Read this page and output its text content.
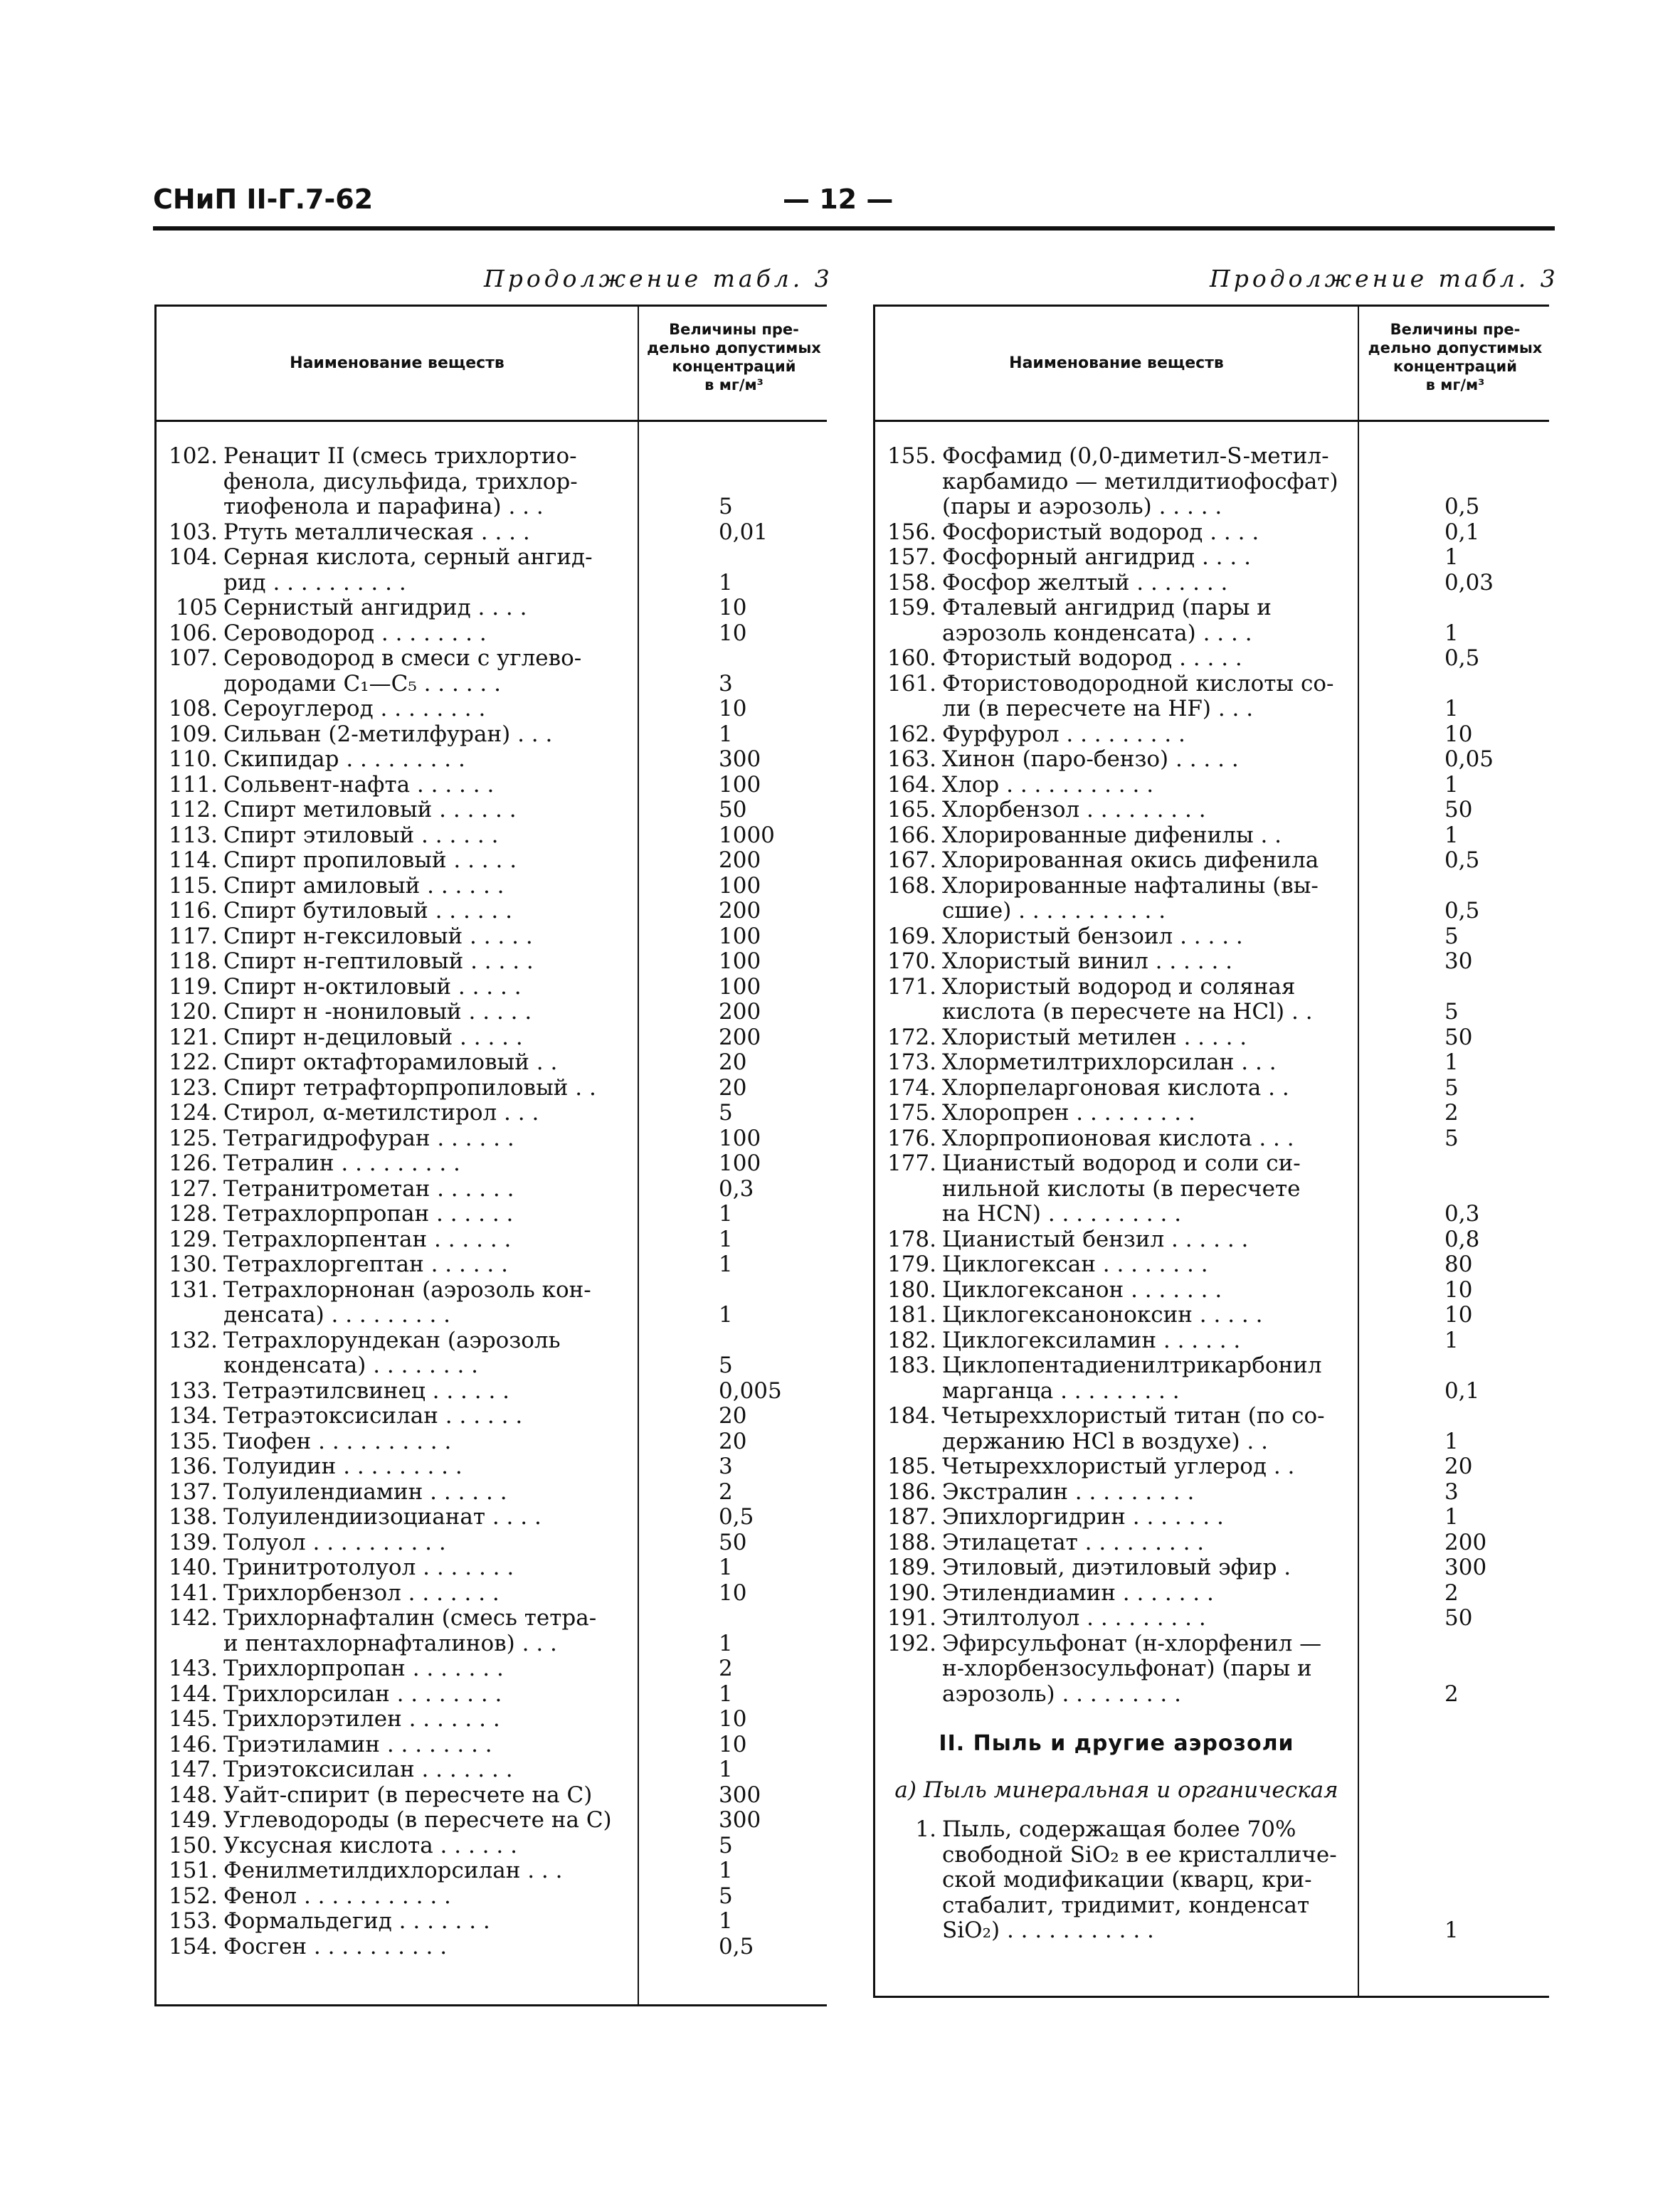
СНиП II-Г.7-62	— 12 —
Продолжение табл. 3	Продолжение табл. 3
Наименование веществ
Величины пре-
дельно допустимых
концентраций
в мг/м³
102. Ренацит II (смесь трихлортио-
фенола, дисульфида, трихлор-
тиофенола и парафина) . . .	5
103. Ртуть металлическая . . . .	0,01
104. Серная кислота, серный ангид-
рид . . . . . . . . . .	1
105 Сернистый ангидрид . . . .	10
106. Сероводород . . . . . . . .	10
107. Сероводород в смеси с углево-
дородами C₁—C₅ . . . . . .	3
108. Сероуглерод . . . . . . . .	10
109. Сильван (2-метилфуран) . . .	1
110. Скипидар . . . . . . . . .	300
111. Сольвент-нафта . . . . . .	100
112. Спирт метиловый . . . . . .	50
113. Спирт этиловый . . . . . .	1000
114. Спирт пропиловый . . . . .	200
115. Спирт амиловый . . . . . .	100
116. Спирт бутиловый . . . . . .	200
117. Спирт н-гексиловый . . . . .	100
118. Спирт н-гептиловый . . . . .	100
119. Спирт н-октиловый . . . . .	100
120. Спирт н -нониловый . . . . .	200
121. Спирт н-дециловый . . . . .	200
122. Спирт октафторамиловый . .	20
123. Спирт тетрафторпропиловый . .	20
124. Стирол, α-метилстирол . . .	5
125. Тетрагидрофуран . . . . . .	100
126. Тетралин . . . . . . . . .	100
127. Тетранитрометан . . . . . .	0,3
128. Тетрахлорпропан . . . . . .	1
129. Тетрахлорпентан . . . . . .	1
130. Тетрахлоргептан . . . . . .	1
131. Тетрахлорнонан (аэрозоль кон-
денсата) . . . . . . . . .	1
132. Тетрахлорундекан (аэрозоль
конденсата) . . . . . . . .	5
133. Тетраэтилсвинец . . . . . .	0,005
134. Тетраэтоксисилан . . . . . .	20
135. Тиофен . . . . . . . . . .	20
136. Толуидин . . . . . . . . .	3
137. Толуилендиамин . . . . . .	2
138. Толуилендиизоцианат . . . .	0,5
139. Толуол . . . . . . . . . .	50
140. Тринитротолуол . . . . . . .	1
141. Трихлорбензол . . . . . . .	10
142. Трихлорнафталин (смесь тетра-
и пентахлорнафталинов) . . .	1
143. Трихлорпропан . . . . . . .	2
144. Трихлорсилан . . . . . . . .	1
145. Трихлорэтилен . . . . . . .	10
146. Триэтиламин . . . . . . . .	10
147. Триэтоксисилан . . . . . . .	1
148. Уайт-спирит (в пересчете на С)	300
149. Углеводороды (в пересчете на С)	300
150. Уксусная кислота . . . . . .	5
151. Фенилметилдихлорсилан . . .	1
152. Фенол . . . . . . . . . . .	5
153. Формальдегид . . . . . . .	1
154. Фосген . . . . . . . . . .	0,5
Наименование веществ
Величины пре-
дельно допустимых
концентраций
в мг/м³
155. Фосфамид (0,0-диметил-S-метил-
карбамидо — метилдитиофосфат)
(пары и аэрозоль) . . . . .	0,5
156. Фосфористый водород . . . .	0,1
157. Фосфорный ангидрид . . . .	1
158. Фосфор желтый . . . . . . .	0,03
159. Фталевый ангидрид (пары и
аэрозоль конденсата) . . . .	1
160. Фтористый водород . . . . .	0,5
161. Фтористоводородной кислоты со-
ли (в пересчете на HF) . . .	1
162. Фурфурол . . . . . . . . .	10
163. Хинон (паро-бензо) . . . . .	0,05
164. Хлор . . . . . . . . . . .	1
165. Хлорбензол . . . . . . . . .	50
166. Хлорированные дифенилы . .	1
167. Хлорированная окись дифенила	0,5
168. Хлорированные нафталины (вы-
сшие) . . . . . . . . . . .	0,5
169. Хлористый бензоил . . . . .	5
170. Хлористый винил . . . . . .	30
171. Хлористый водород и соляная
кислота (в пересчете на HCl) . .	5
172. Хлористый метилен . . . . .	50
173. Хлорметилтрихлорсилан . . .	1
174. Хлорпеларгоновая кислота . .	5
175. Хлоропрен . . . . . . . . .	2
176. Хлорпропионовая кислота . . .	5
177. Цианистый водород и соли си-
нильной кислоты (в пересчете
на HCN) . . . . . . . . . .	0,3
178. Цианистый бензил . . . . . .	0,8
179. Циклогексан . . . . . . . .	80
180. Циклогексанон . . . . . . .	10
181. Циклогексаноноксин . . . . .	10
182. Циклогексиламин . . . . . .	1
183. Циклопентадиенилтрикарбонил
марганца . . . . . . . . .	0,1
184. Четыреххлористый титан (по со-
держанию HCl в воздухе) . .	1
185. Четыреххлористый углерод . .	20
186. Экстралин . . . . . . . . .	3
187. Эпихлоргидрин . . . . . . .	1
188. Этилацетат . . . . . . . . .	200
189. Этиловый, диэтиловый эфир .	300
190. Этилендиамин . . . . . . .	2
191. Этилтолуол . . . . . . . . .	50
192. Эфирсульфонат (н-хлорфенил —
н-хлорбензосульфонат) (пары и
аэрозоль) . . . . . . . . .	2
II. Пыль и другие аэрозоли
а) Пыль минеральная и органическая
1. Пыль, содержащая более 70%
свободной SiO₂ в ее кристалличе-
ской модификации (кварц, кри-
стабалит, тридимит, конденсат
SiO₂) . . . . . . . . . . .	1
